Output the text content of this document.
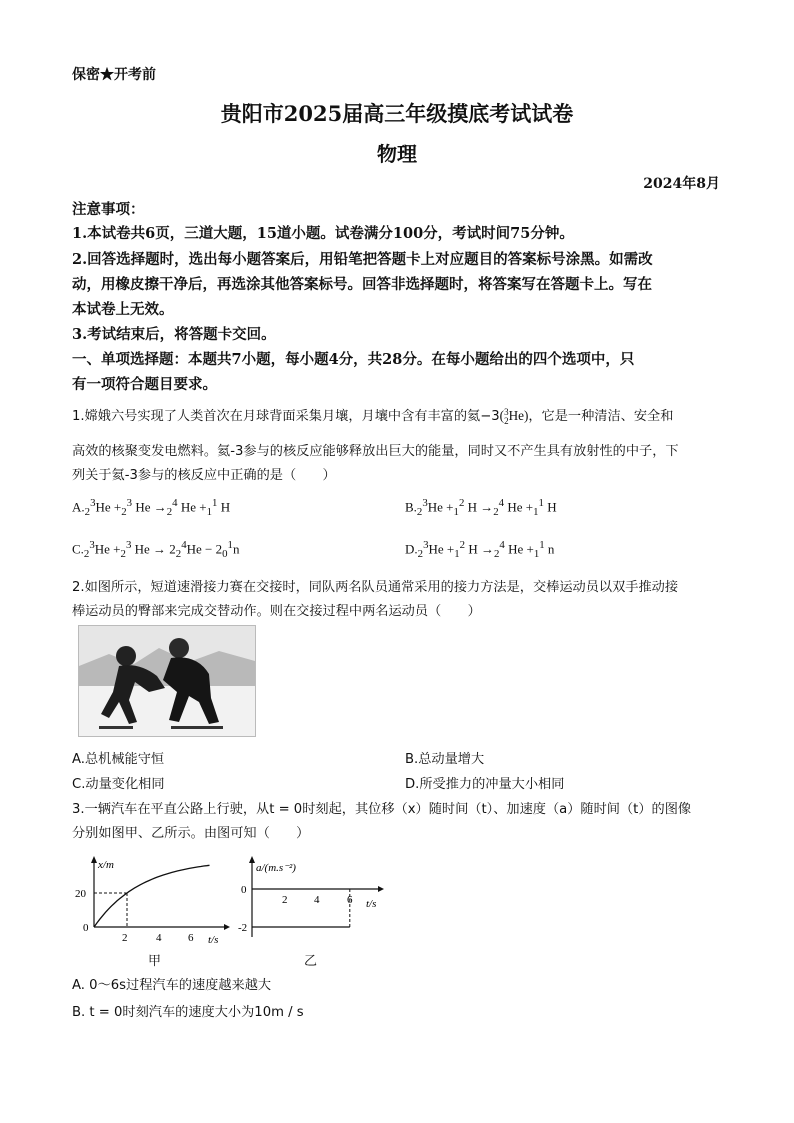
保密★开考前
贵阳市2025届高三年级摸底考试试卷
物理
2024年8月
注意事项：
1.本试卷共6页，三道大题，15道小题。试卷满分100分，考试时间75分钟。
2.回答选择题时，选出每小题答案后，用铅笔把答题卡上对应题目的答案标号涂黑。如需改
动，用橡皮擦干净后，再选涂其他答案标号。回答非选择题时，将答案写在答题卡上。写在
本试卷上无效。
3.考试结束后，将答题卡交回。
一、单项选择题：本题共7小题，每小题4分，共28分。在每小题给出的四个选项中，只
有一项符合题目要求。
1.嫦娥六号实现了人类首次在月球背面采集月壤，月壤中含有丰富的氦−3(3
2He)，它是一种清洁、安全和
高效的核聚变发电燃料。氦-3参与的核反应能够释放出巨大的能量，同时又不产生具有放射性的中子，下
列关于氦-3参与的核反应中正确的是（　　）
$A._2^3He +_2^3$ $He \to_2^4$ $He +_1^1$ H	$B._2^3He +_1^2$ $H \to_2^4$ $He +_1^1$ H
$C._2^3He +_2^3$ $He \to 2_2^4He - 2_0^1n$	$D._2^3He +_1^2$ $H \to_2^4$ $He +_1^1$ n
2.如图所示，短道速滑接力赛在交接时，同队两名队员通常采用的接力方法是，交棒运动员以双手推动接
棒运动员的臀部来完成交替动作。则在交接过程中两名运动员（　　）
A.总机械能守恒	B.总动量增大
C.动量变化相同	D.所受推力的冲量大小相同
3.一辆汽车在平直公路上行驶，从t = 0时刻起，其位移（x）随时间（t）、加速度（a）随时间（t）的图像
分别如图甲、乙所示。由图可知（　　）
x/m
t/s
20
0
2	4 6
a/(m.s⁻²)
t/s
0
-2
2 4	6
甲	乙
A. 0～6s过程汽车的速度越来越大
B. t = 0时刻汽车的速度大小为10m / s
